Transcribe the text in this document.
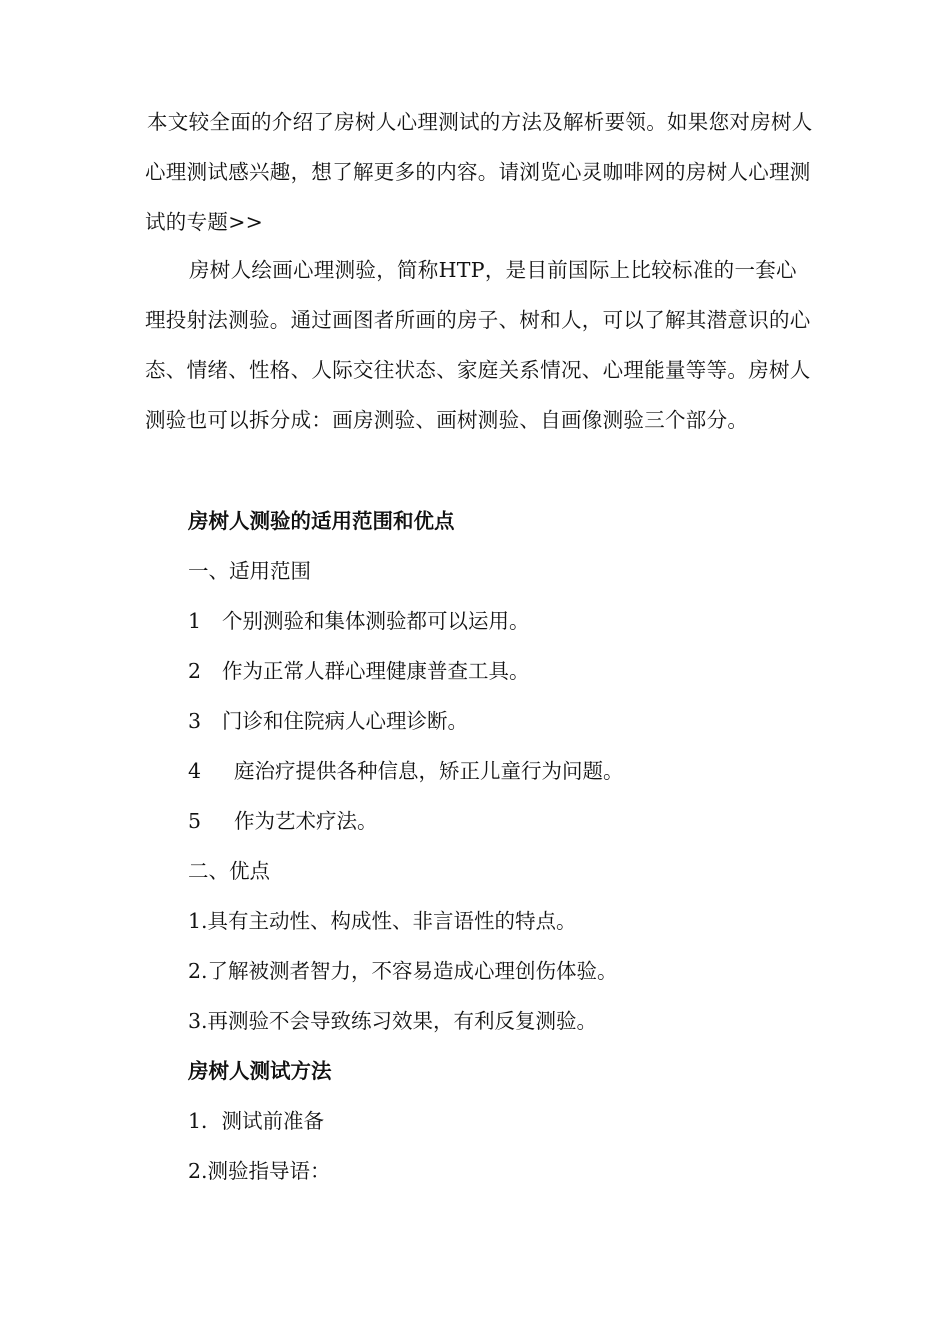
本文较全面的介绍了房树人心理测试的方法及解析要领。如果您对房树人心理测试感兴趣，想了解更多的内容。请浏览心灵咖啡网的房树人心理测试的专题>>
房树人绘画心理测验，简称HTP，是目前国际上比较标准的一套心理投射法测验。通过画图者所画的房子、树和人，可以了解其潜意识的心态、情绪、性格、人际交往状态、家庭关系情况、心理能量等等。房树人测验也可以拆分成：画房测验、画树测验、自画像测验三个部分。
房树人测验的适用范围和优点
一、适用范围
1 个别测验和集体测验都可以运用。
2 作为正常人群心理健康普查工具。
3 门诊和住院病人心理诊断。
4 庭治疗提供各种信息，矫正儿童行为问题。
5 作为艺术疗法。
二、优点
1.具有主动性、构成性、非言语性的特点。
2.了解被测者智力，不容易造成心理创伤体验。
3.再测验不会导致练习效果，有利反复测验。
房树人测试方法
1．测试前准备
2.测验指导语：
